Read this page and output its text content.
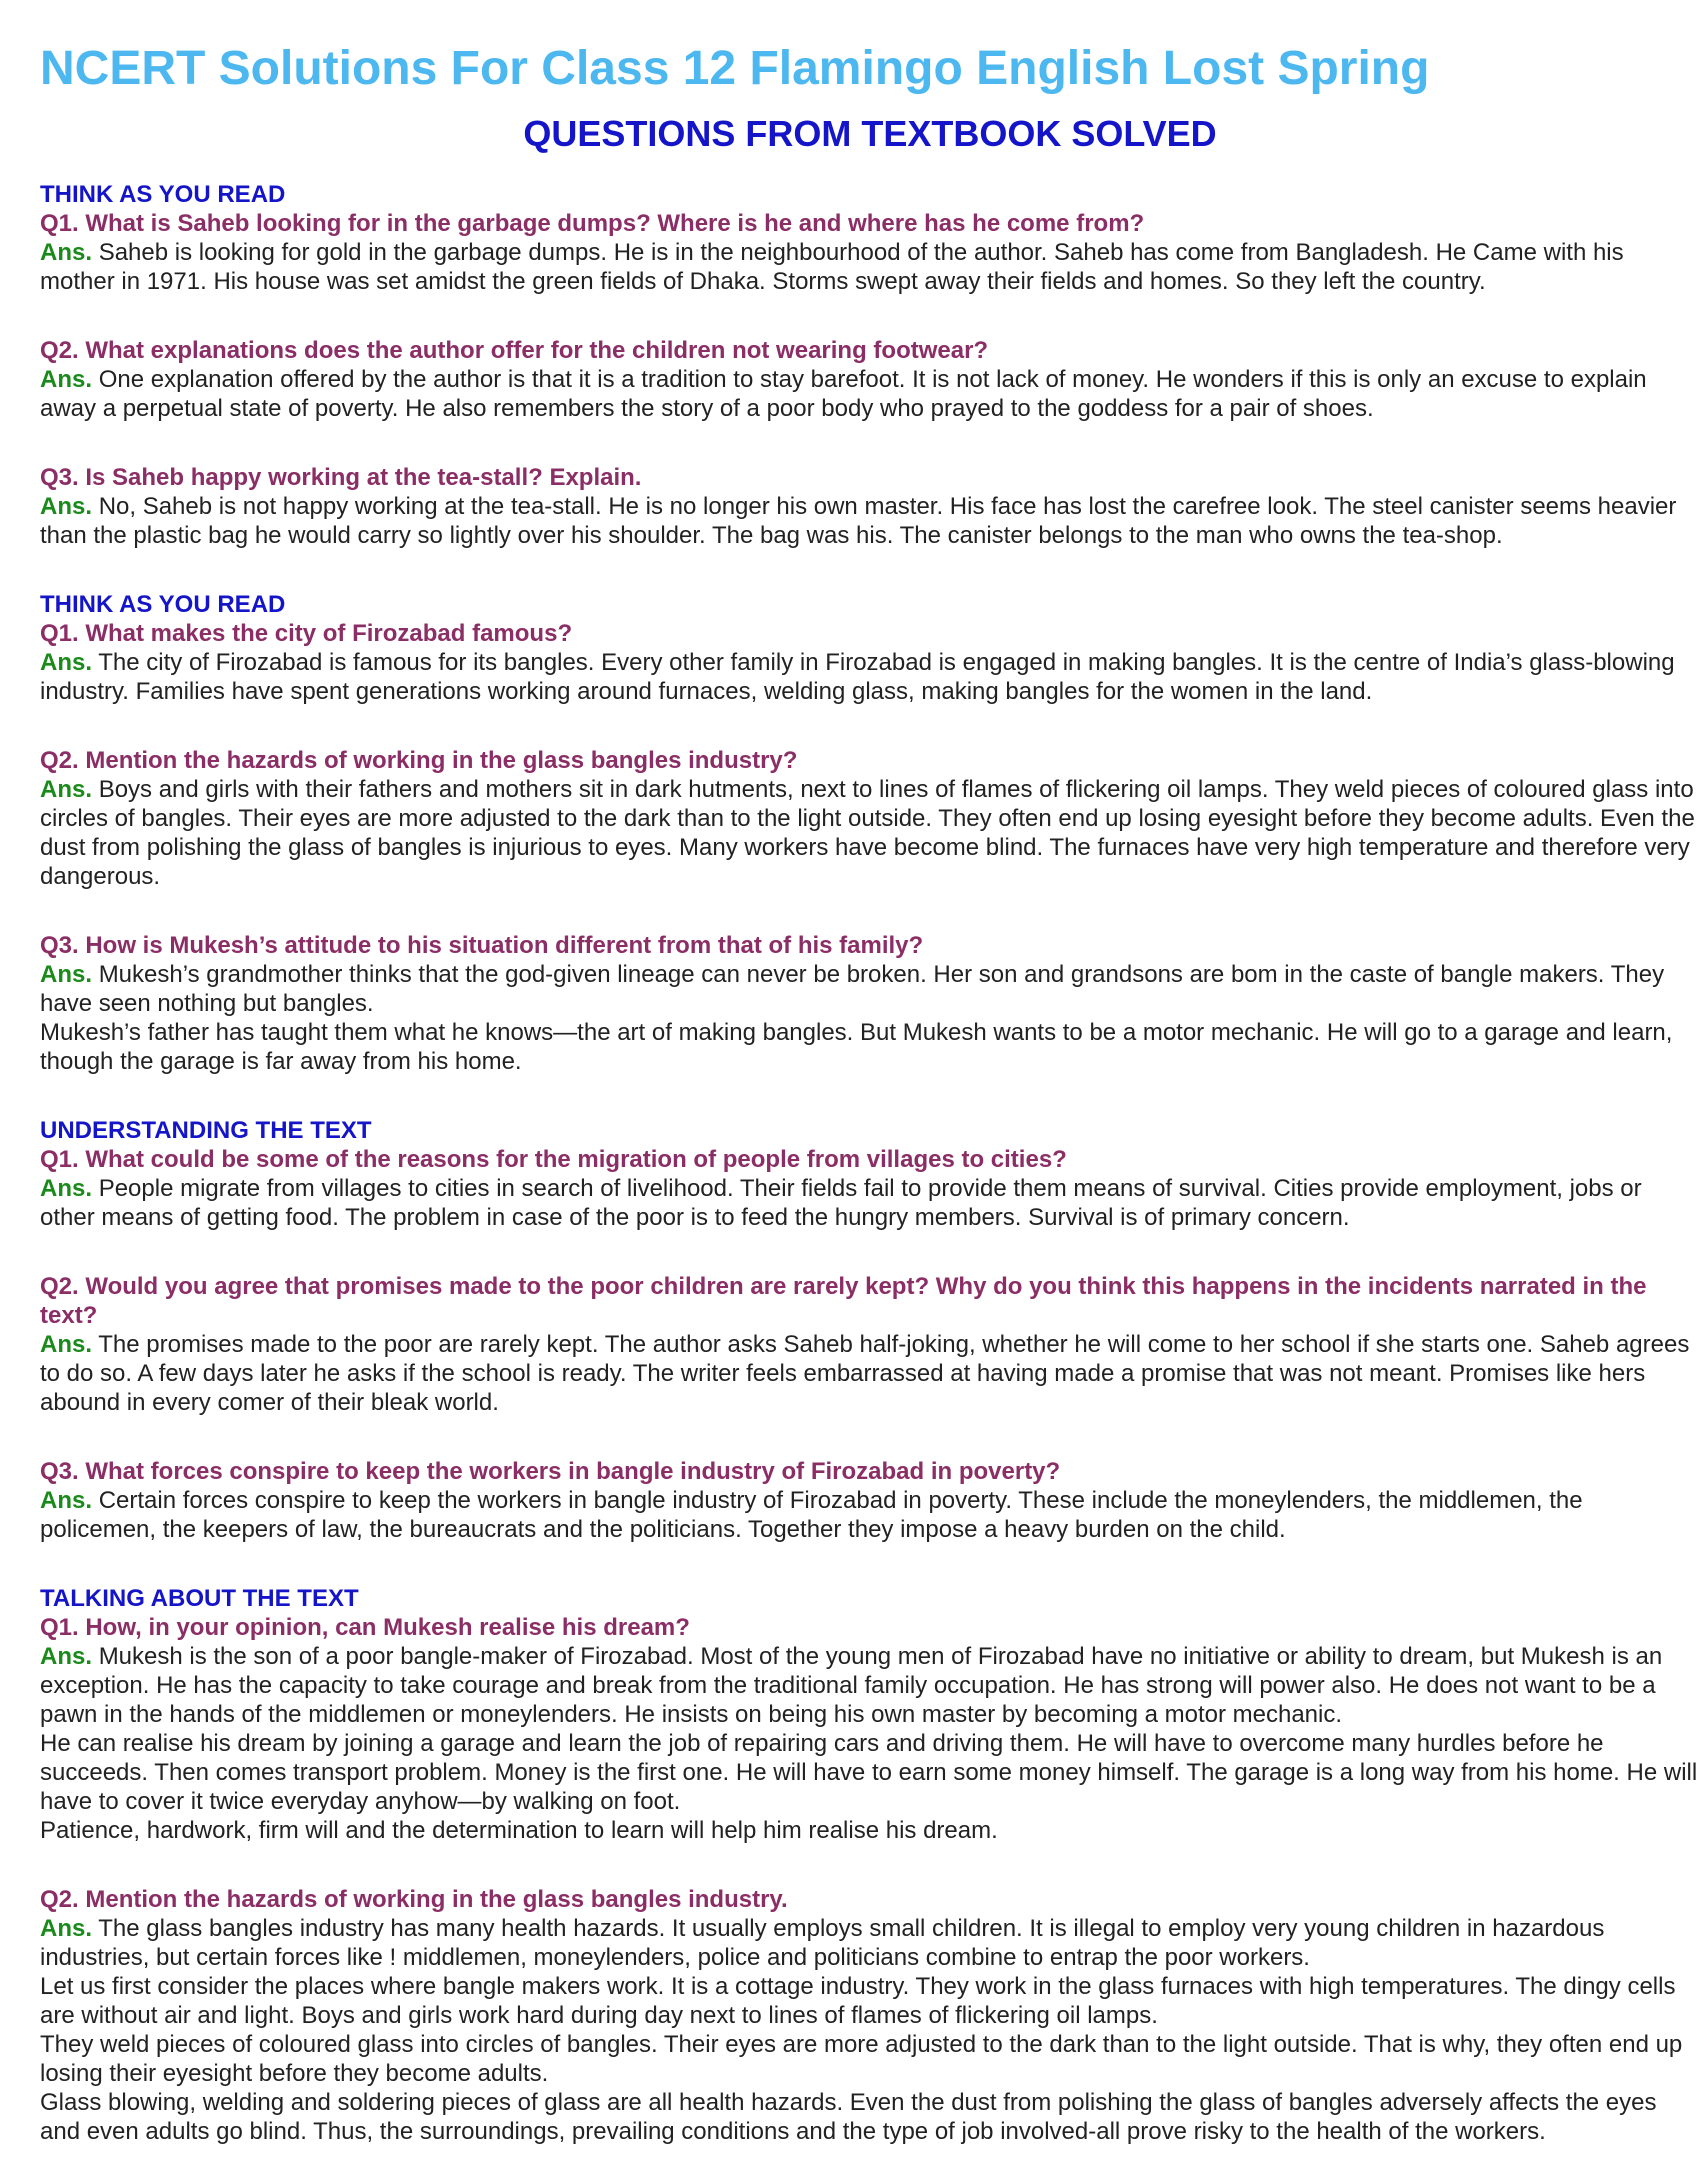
NCERT Solutions For Class 12 Flamingo English Lost Spring
QUESTIONS FROM TEXTBOOK SOLVED
THINK AS YOU READ

Q1. What is Saheb looking for in the garbage dumps? Where is he and where has he come from?

Ans. Saheb is looking for gold in the garbage dumps. He is in the neighbourhood of the author. Saheb has come from Bangladesh. He Came with his mother in 1971. His house was set amidst the green fields of Dhaka. Storms swept away their fields and homes. So they left the country.

Q2. What explanations does the author offer for the children not wearing footwear?

Ans. One explanation offered by the author is that it is a tradition to stay barefoot. It is not lack of money. He wonders if this is only an excuse to explain away a perpetual state of poverty. He also remembers the story of a poor body who prayed to the goddess for a pair of shoes.

Q3. Is Saheb happy working at the tea-stall? Explain.

Ans. No, Saheb is not happy working at the tea-stall. He is no longer his own master. His face has lost the carefree look. The steel canister seems heavier than the plastic bag he would carry so lightly over his shoulder. The bag was his. The canister belongs to the man who owns the tea-shop.

THINK AS YOU READ

Q1. What makes the city of Firozabad famous?

Ans. The city of Firozabad is famous for its bangles. Every other family in Firozabad is engaged in making bangles. It is the centre of India’s glass-blowing industry. Families have spent generations working around furnaces, welding glass, making bangles for the women in the land.

Q2. Mention the hazards of working in the glass bangles industry?

Ans. Boys and girls with their fathers and mothers sit in dark hutments, next to lines of flames of flickering oil lamps. They weld pieces of coloured glass into circles of bangles. Their eyes are more adjusted to the dark than to the light outside. They often end up losing eyesight before they become adults. Even the dust from polishing the glass of bangles is injurious to eyes. Many workers have become blind. The furnaces have very high temperature and therefore very dangerous.

Q3. How is Mukesh’s attitude to his situation different from that of his family?

Ans. Mukesh’s grandmother thinks that the god-given lineage can never be broken. Her son and grandsons are bom in the caste of bangle makers. They have seen nothing but bangles.

Mukesh’s father has taught them what he knows—the art of making bangles. But Mukesh wants to be a motor mechanic. He will go to a garage and learn, though the garage is far away from his home.

UNDERSTANDING THE TEXT

Q1. What could be some of the reasons for the migration of people from villages to cities?

Ans. People migrate from villages to cities in search of livelihood. Their fields fail to provide them means of survival. Cities provide employment, jobs or other means of getting food. The problem in case of the poor is to feed the hungry members. Survival is of primary concern.

Q2. Would you agree that promises made to the poor children are rarely kept? Why do you think this happens in the incidents narrated in the text?

Ans. The promises made to the poor are rarely kept. The author asks Saheb half-joking, whether he will come to her school if she starts one. Saheb agrees to do so. A few days later he asks if the school is ready. The writer feels embarrassed at having made a promise that was not meant. Promises like hers abound in every comer of their bleak world.

Q3. What forces conspire to keep the workers in bangle industry of Firozabad in poverty?

Ans. Certain forces conspire to keep the workers in bangle industry of Firozabad in poverty. These include the moneylenders, the middlemen, the policemen, the keepers of law, the bureaucrats and the politicians. Together they impose a heavy burden on the child.

TALKING ABOUT THE TEXT

Q1. How, in your opinion, can Mukesh realise his dream?

Ans. Mukesh is the son of a poor bangle-maker of Firozabad. Most of the young men of Firozabad have no initiative or ability to dream, but Mukesh is an exception. He has the capacity to take courage and break from the traditional family occupation. He has strong will power also. He does not want to be a pawn in the hands of the middlemen or moneylenders. He insists on being his own master by becoming a motor mechanic.

He can realise his dream by joining a garage and learn the job of repairing cars and driving them. He will have to overcome many hurdles before he succeeds. Then comes transport problem. Money is the first one. He will have to earn some money himself. The garage is a long way from his home. He will have to cover it twice everyday anyhow—by walking on foot.

Patience, hardwork, firm will and the determination to learn will help him realise his dream.

Q2. Mention the hazards of working in the glass bangles industry.

Ans. The glass bangles industry has many health hazards. It usually employs small children. It is illegal to employ very young children in hazardous industries, but certain forces like ! middlemen, moneylenders, police and politicians combine to entrap the poor workers.

Let us first consider the places where bangle makers work. It is a cottage industry. They work in the glass furnaces with high temperatures. The dingy cells are without air and light. Boys and girls work hard during day next to lines of flames of flickering oil lamps.

They weld pieces of coloured glass into circles of bangles. Their eyes are more adjusted to the dark than to the light outside. That is why, they often end up losing their eyesight before they become adults.

Glass blowing, welding and soldering pieces of glass are all health hazards. Even the dust from polishing the glass of bangles adversely affects the eyes and even adults go blind. Thus, the surroundings, prevailing conditions and the type of job involved-all prove risky to the health of the workers.
